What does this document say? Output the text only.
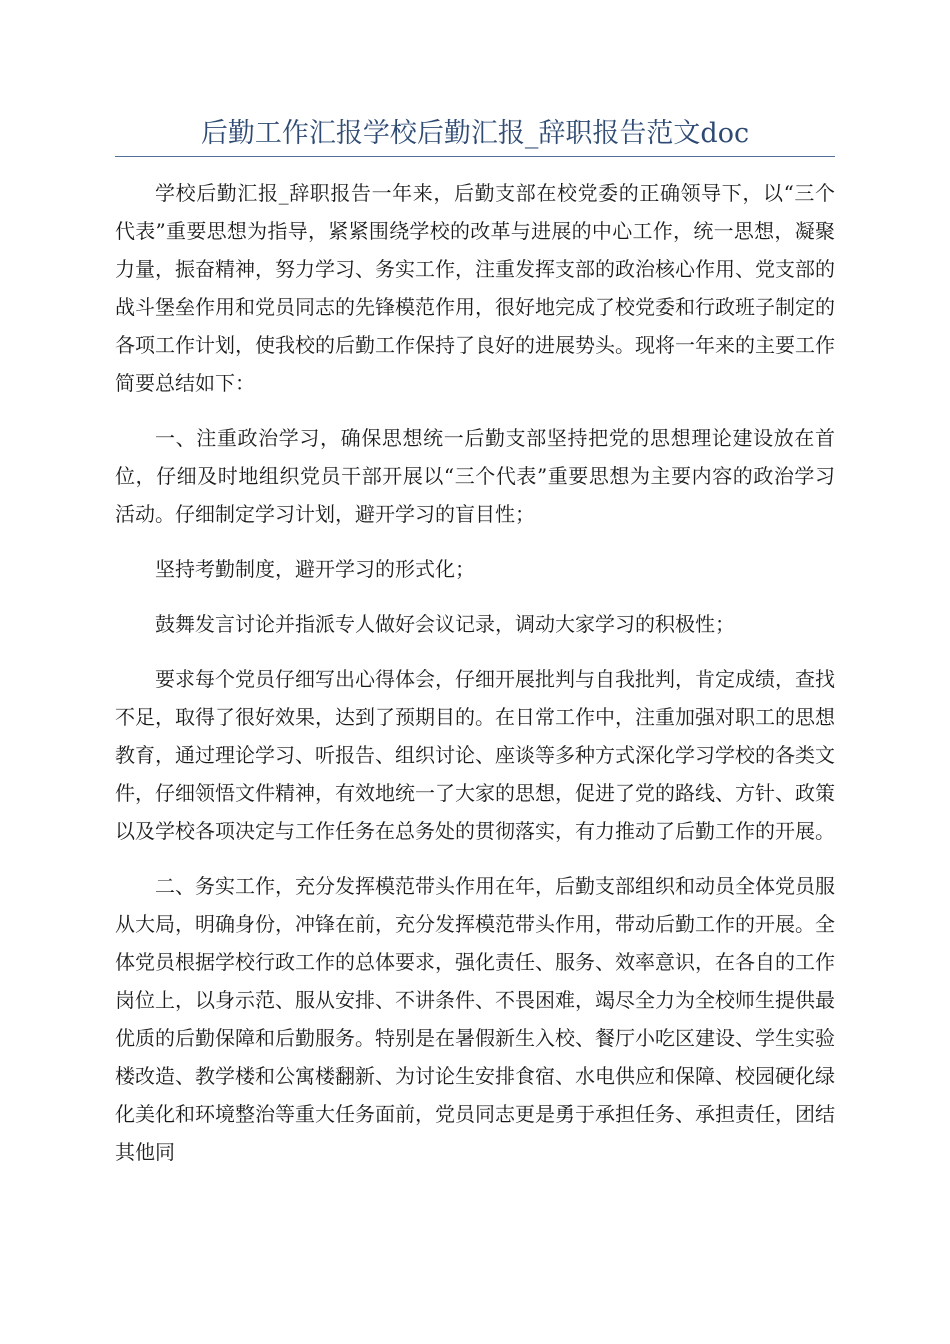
后勤工作汇报学校后勤汇报_辞职报告范文doc

学校后勤汇报_辞职报告一年来，后勤支部在校党委的正确领导下，以“三个代表”重要思想为指导，紧紧围绕学校的改革与进展的中心工作，统一思想，凝聚力量，振奋精神，努力学习、务实工作，注重发挥支部的政治核心作用、党支部的战斗堡垒作用和党员同志的先锋模范作用，很好地完成了校党委和行政班子制定的各项工作计划，使我校的后勤工作保持了良好的进展势头。现将一年来的主要工作简要总结如下：

一、注重政治学习，确保思想统一后勤支部坚持把党的思想理论建设放在首位，仔细及时地组织党员干部开展以“三个代表”重要思想为主要内容的政治学习活动。仔细制定学习计划，避开学习的盲目性；

坚持考勤制度，避开学习的形式化；

鼓舞发言讨论并指派专人做好会议记录，调动大家学习的积极性；

要求每个党员仔细写出心得体会，仔细开展批判与自我批判，肯定成绩，查找不足，取得了很好效果，达到了预期目的。在日常工作中，注重加强对职工的思想教育，通过理论学习、听报告、组织讨论、座谈等多种方式深化学习学校的各类文件，仔细领悟文件精神，有效地统一了大家的思想，促进了党的路线、方针、政策以及学校各项决定与工作任务在总务处的贯彻落实，有力推动了后勤工作的开展。

二、务实工作，充分发挥模范带头作用在年，后勤支部组织和动员全体党员服从大局，明确身份，冲锋在前，充分发挥模范带头作用，带动后勤工作的开展。全体党员根据学校行政工作的总体要求，强化责任、服务、效率意识，在各自的工作岗位上，以身示范、服从安排、不讲条件、不畏困难，竭尽全力为全校师生提供最优质的后勤保障和后勤服务。特别是在暑假新生入校、餐厅小吃区建设、学生实验楼改造、教学楼和公寓楼翻新、为讨论生安排食宿、水电供应和保障、校园硬化绿化美化和环境整治等重大任务面前，党员同志更是勇于承担任务、承担责任，团结其他同
